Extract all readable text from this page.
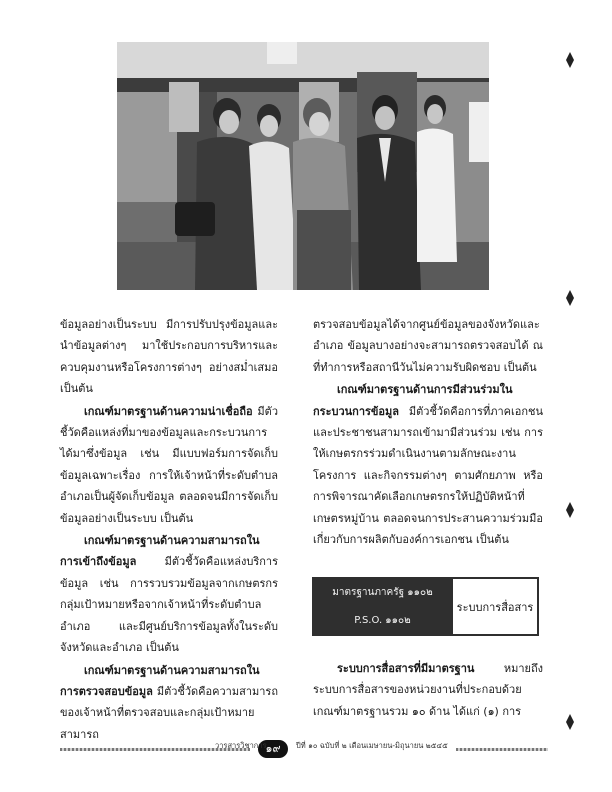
ข้อมูลอย่างเป็นระบบ มีการปรับปรุงข้อมูลและนำข้อมูลต่างๆ มาใช้ประกอบการบริหารและควบคุมงานหรือโครงการต่างๆ อย่างสม่ำเสมอ เป็นต้น

เกณฑ์มาตรฐานด้านความน่าเชื่อถือ มีตัวชี้วัดคือแหล่งที่มาของข้อมูลและกระบวนการได้มาซึ่งข้อมูล เช่น มีแบบฟอร์มการจัดเก็บข้อมูลเฉพาะเรื่อง การให้เจ้าหน้าที่ระดับตำบล อำเภอเป็นผู้จัดเก็บข้อมูล ตลอดจนมีการจัดเก็บข้อมูลอย่างเป็นระบบ เป็นต้น

เกณฑ์มาตรฐานด้านความสามารถในการเข้าถึงข้อมูล มีตัวชี้วัดคือแหล่งบริการข้อมูล เช่น การรวบรวมข้อมูลจากเกษตรกรกลุ่มเป้าหมายหรือจากเจ้าหน้าที่ระดับตำบล อำเภอ และมีศูนย์บริการข้อมูลทั้งในระดับจังหวัดและอำเภอ เป็นต้น

เกณฑ์มาตรฐานด้านความสามารถในการตรวจสอบข้อมูล มีตัวชี้วัดคือความสามารถของเจ้าหน้าที่ตรวจสอบและกลุ่มเป้าหมาย สามารถ

ตรวจสอบข้อมูลได้จากศูนย์ข้อมูลของจังหวัดและอำเภอ ข้อมูลบางอย่างจะสามารถตรวจสอบได้ ณ ที่ทำการหรือสถานีวันไม่ความรับผิดชอบ เป็นต้น

เกณฑ์มาตรฐานด้านการมีส่วนร่วมในกระบวนการข้อมูล มีตัวชี้วัดคือการที่ภาคเอกชนและประชาชนสามารถเข้ามามีส่วนร่วม เช่น การให้เกษตรกรร่วมดำเนินงานตามลักษณะงานโครงการ และกิจกรรมต่างๆ ตามศักยภาพ หรือการพิจารณาคัดเลือกเกษตรกรให้ปฏิบัติหน้าที่เกษตรหมู่บ้าน ตลอดจนการประสานความร่วมมือเกี่ยวกับการผลิตกับองค์การเอกชน เป็นต้น

มาตรฐานภาครัฐ ๑๑๐๒	ระบบการสื่อสาร
P.S.O. ๑๑๐๒

ระบบการสื่อสารที่มีมาตรฐาน หมายถึง ระบบการสื่อสารของหน่วยงานที่ประกอบด้วยเกณฑ์มาตรฐานรวม ๑๐ ด้าน ได้แก่ (๑) การ

๑๙
วารสารวิชาการ	ปีที่ ๑๐ ฉบับที่ ๒ เดือนเมษายน-มิถุนายน ๒๕๔๕
